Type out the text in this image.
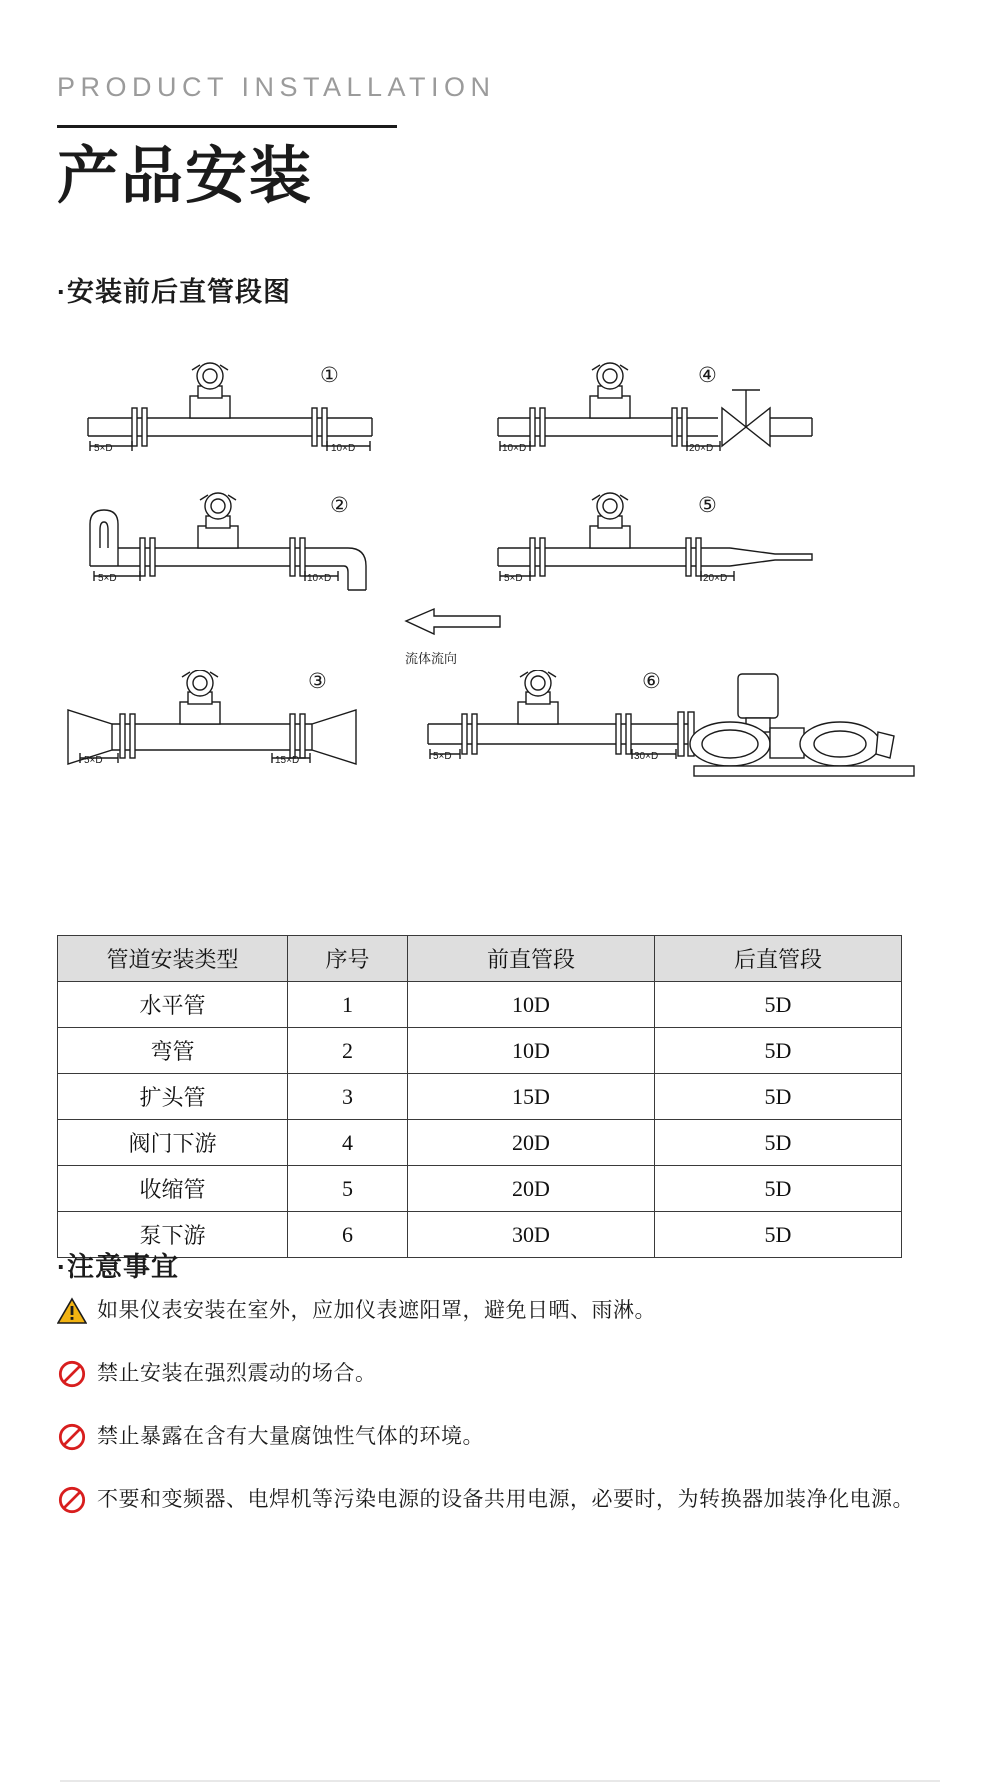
PRODUCT INSTALLATION
产品安装
·安装前后直管段图
5×D	10×D
①
10×D	20×D
④
5×D	10×D
②
5×D	20×D
⑤
流体流向
5×D	15×D
③
5×D	30×D
⑥
管道安装类型	序号	前直管段	后直管段
水平管	1	10D	5D
弯管	2	10D	5D
扩头管	3	15D	5D
阀门下游	4	20D	5D
收缩管	5	20D	5D
泵下游	6	30D	5D
·注意事宜
如果仪表安装在室外，应加仪表遮阳罩，避免日晒、雨淋。
禁止安装在强烈震动的场合。
禁止暴露在含有大量腐蚀性气体的环境。
不要和变频器、电焊机等污染电源的设备共用电源，必要时，为转换器加装净化电源。
